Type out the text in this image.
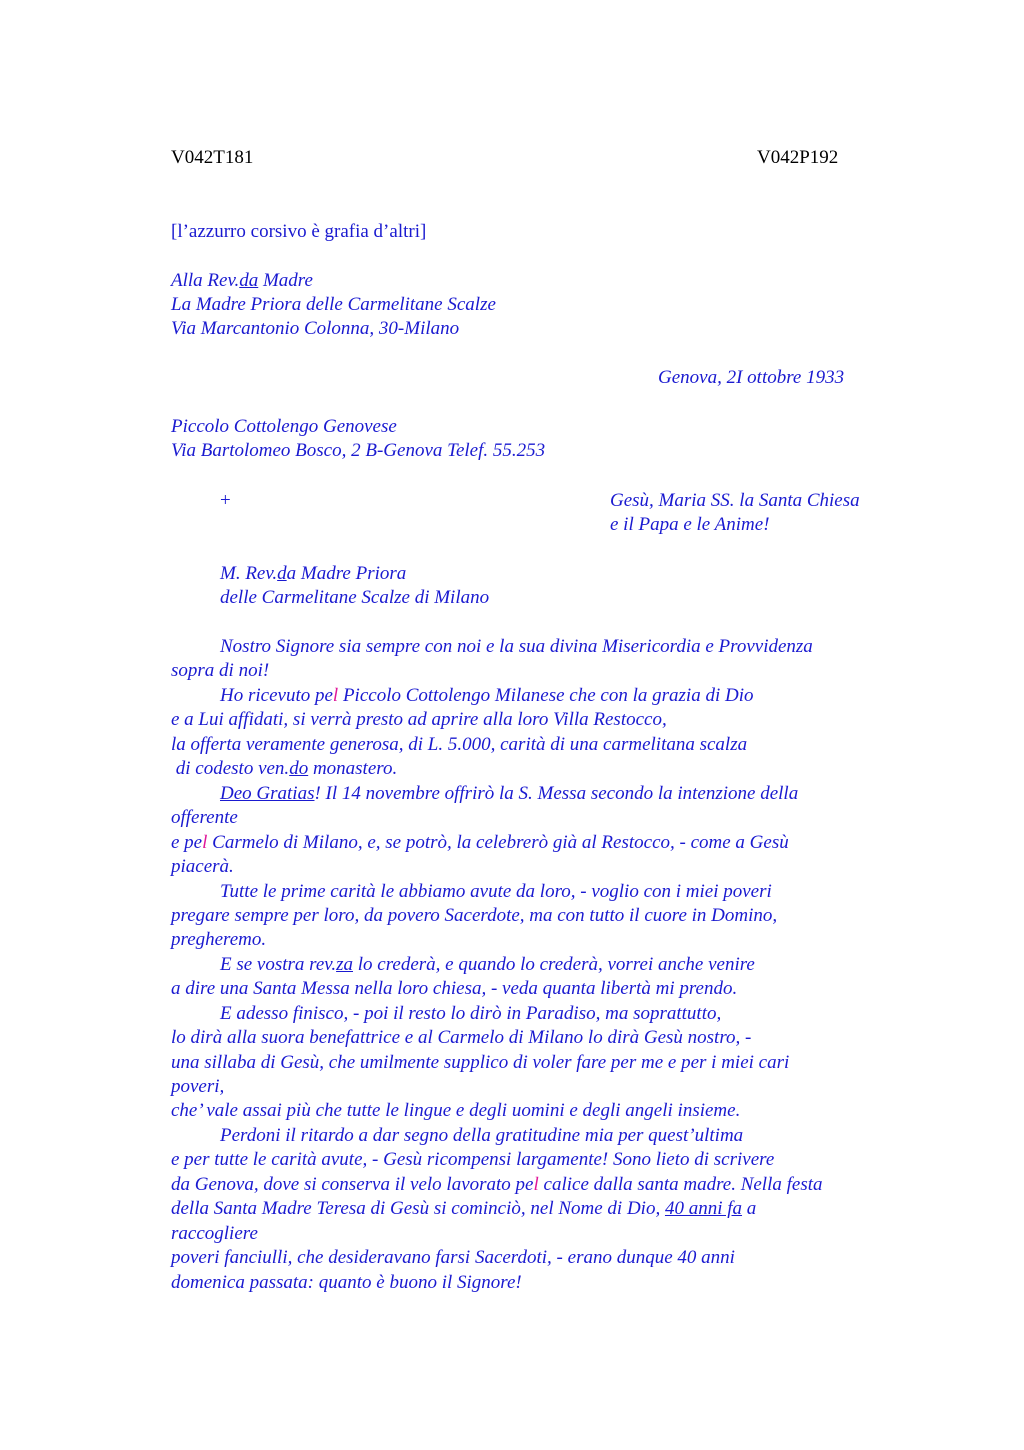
V042T181	V042P192
[l’azzurro corsivo è grafia d’altri]
Alla Rev.da Madre
La Madre Priora delle Carmelitane Scalze
Via Marcantonio Colonna, 30-Milano
Genova, 2I ottobre 1933
Piccolo Cottolengo Genovese
Via Bartolomeo Bosco, 2 B-Genova Telef. 55.253
+	Gesù, Maria SS. la Santa Chiesa
e il Papa e le Anime!
M. Rev.da Madre Priora
delle Carmelitane Scalze di Milano
Nostro Signore sia sempre con noi e la sua divina Misericordia e Provvidenza
sopra di noi!
Ho ricevuto pel Piccolo Cottolengo Milanese che con la grazia di Dio
e a Lui affidati, si verrà presto ad aprire alla loro Villa Restocco,
la offerta veramente generosa, di L. 5.000, carità di una carmelitana scalza
di codesto ven.do monastero.
Deo Gratias! Il 14 novembre offrirò la S. Messa secondo la intenzione della
offerente
e pel Carmelo di Milano, e, se potrò, la celebrerò già al Restocco, - come a Gesù
piacerà.
Tutte le prime carità le abbiamo avute da loro, - voglio con i miei poveri
pregare sempre per loro, da povero Sacerdote, ma con tutto il cuore in Domino,
pregheremo.
E se vostra rev.za lo crederà, e quando lo crederà, vorrei anche venire
a dire una Santa Messa nella loro chiesa, - veda quanta libertà mi prendo.
E adesso finisco, - poi il resto lo dirò in Paradiso, ma soprattutto,
lo dirà alla suora benefattrice e al Carmelo di Milano lo dirà Gesù nostro, -
una sillaba di Gesù, che umilmente supplico di voler fare per me e per i miei cari
poveri,
che’ vale assai più che tutte le lingue e degli uomini e degli angeli insieme.
Perdoni il ritardo a dar segno della gratitudine mia per quest’ultima
e per tutte le carità avute, - Gesù ricompensi largamente! Sono lieto di scrivere
da Genova, dove si conserva il velo lavorato pel calice dalla santa madre. Nella festa
della Santa Madre Teresa di Gesù si cominciò, nel Nome di Dio, 40 anni fa a
raccogliere
poveri fanciulli, che desideravano farsi Sacerdoti, - erano dunque 40 anni
domenica passata: quanto è buono il Signore!
